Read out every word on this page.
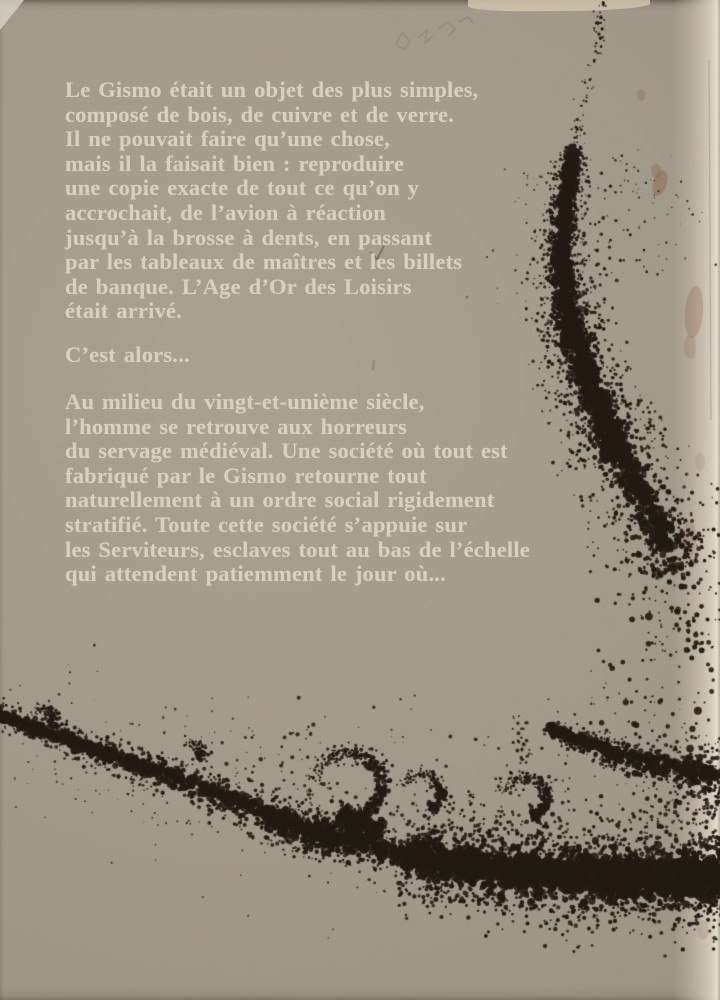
Le Gismo était un objet des plus simples,
composé de bois, de cuivre et de verre.
Il ne pouvait faire qu’une chose,
mais il la faisait bien : reproduire
une copie exacte de tout ce qu’on y
accrochait, de l’avion à réaction
jusqu’à la brosse à dents, en passant
par les tableaux de maîtres et les billets
de banque. L’Age d’Or des Loisirs
était arrivé.
C’est alors...
Au milieu du vingt-et-unième siècle,
l’homme se retrouve aux horreurs
du servage médiéval. Une société où tout est
fabriqué par le Gismo retourne tout
naturellement à un ordre social rigidement
stratifié. Toute cette société s’appuie sur
les Serviteurs, esclaves tout au bas de l’échelle
qui attendent patiemment le jour où...
